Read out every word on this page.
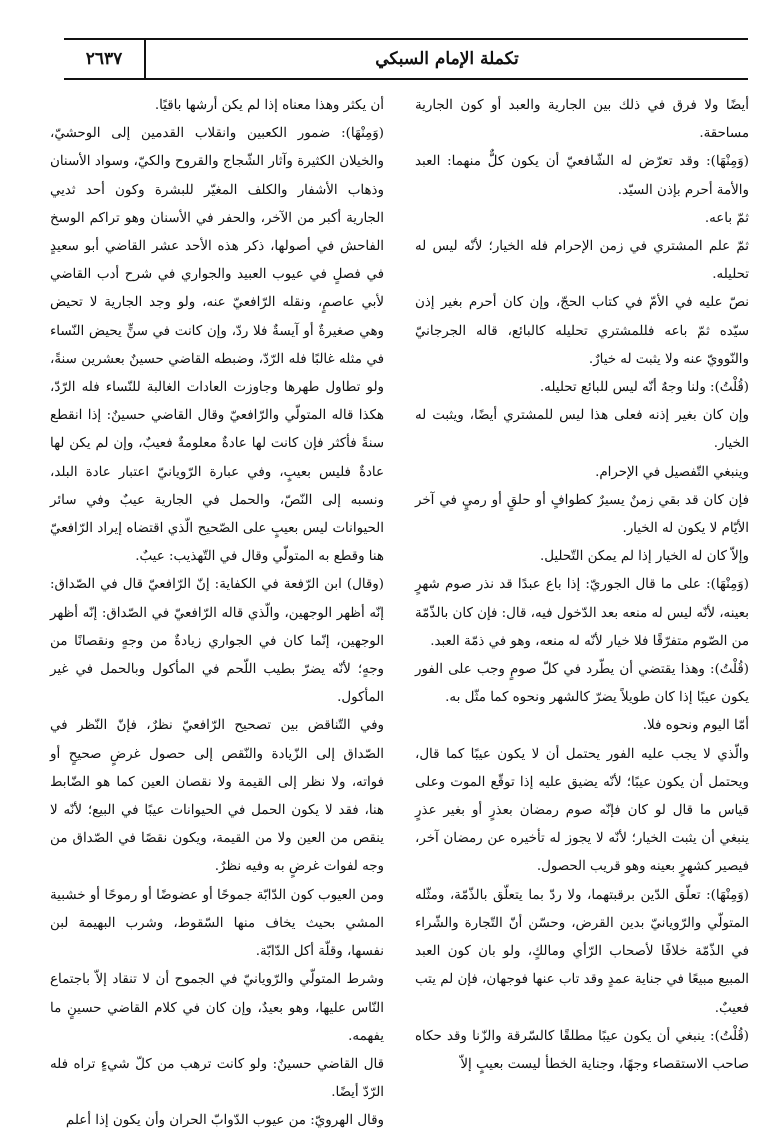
تكملة الإمام السبكي
٢٦٣٧

أيضًا ولا فرق في ذلك بين الجارية والعبد أو كون الجارية مساحقة.

(وَمِنْهَا): وقد تعرّض له الشّافعيّ أن يكون كلٌّ منهما: العبد والأمة أحرم بإذن السيّد.

ثمّ باعه.

ثمّ علم المشتري في زمن الإحرام فله الخيار؛ لأنّه ليس له تحليله.

نصّ عليه في الأمّ في كتاب الحجّ، وإن كان أحرم بغير إذن سيّده ثمّ باعه فللمشتري تحليله كالبائع، قاله الجرجانيّ والنّوويّ عنه ولا يثبت له خيارٌ.

(قُلْتُ): ولنا وجهٌ أنّه ليس للبائع تحليله.

وإن كان بغير إذنه فعلى هذا ليس للمشتري أيضًا، ويثبت له الخيار.

وينبغي التّفصيل في الإحرام.

فإن كان قد بقي زمنٌ يسيرٌ كطوافٍ أو حلقٍ أو رميٍ في آخر الأيّام لا يكون له الخيار.

وإلاّ كان له الخيار إذا لم يمكن التّحليل.

(وَمِنْهَا): على ما قال الجوريّ: إذا باع عبدًا قد نذر صوم شهرٍ بعينه، لأنّه ليس له منعه بعد الدّخول فيه، قال: فإن كان بالذّمّة من الصّوم متفرّقًا فلا خيار لأنّه له منعه، وهو في ذمّة العبد.

(قُلْتُ): وهذا يقتضي أن يطّرد في كلّ صومٍ وجب على الفور يكون عيبًا إذا كان طويلاً يضرّ كالشهر ونحوه كما مثّل به.

أمّا اليوم ونحوه فلا.

والّذي لا يجب عليه الفور يحتمل أن لا يكون عيبًا كما قال، ويحتمل أن يكون عيبًا؛ لأنّه يضيق عليه إذا توقّع الموت وعلى قياس ما قال لو كان فإنّه صوم رمضان بعذرٍ أو بغير عذرٍ ينبغي أن يثبت الخيار؛ لأنّه لا يجوز له تأخيره عن رمضان آخر، فيصير كشهرٍ بعينه وهو قريب الحصول.

(وَمِنْهَا): تعلّق الدّين برقبتهما، ولا ردّ بما يتعلّق بالذّمّة، ومثّله المتولّي والرّويانيّ بدين القرض، وحسّن أنّ التّجارة والشّراء في الذّمّة خلافًا لأصحاب الرّأي ومالكٍ، ولو بان كون العبد المبيع مبيعًا في جناية عمدٍ وقد تاب عنها فوجهان، فإن لم يتب فعيبٌ.

(قُلْتُ): ينبغي أن يكون عيبًا مطلقًا كالسّرقة والزّنا وقد حكاه صاحب الاستقصاء وجهًا، وجناية الخطأ ليست بعيبٍ إلاّ

أن يكثر وهذا معناه إذا لم يكن أرشها باقيًا.

(وَمِنْهَا): ضمور الكعبين وانقلاب القدمين إلى الوحشيّ، والخيلان الكثيرة وآثار الشّجاج والقروح والكيّ، وسواد الأسنان وذهاب الأشفار والكلف المغيّر للبشرة وكون أحد ثديي الجارية أكبر من الآخر، والحفر في الأسنان وهو تراكم الوسخ الفاحش في أصولها، ذكر هذه الأحد عشر القاضي أبو سعيدٍ في فصلٍ في عيوب العبيد والجواري في شرح أدب القاضي لأبي عاصمٍ، ونقله الرّافعيّ عنه، ولو وجد الجارية لا تحيض وهي صغيرةٌ أو آيسةٌ فلا ردّ، وإن كانت في سنٍّ يحيض النّساء في مثله غالبًا فله الرّدّ، وضبطه القاضي حسينٌ بعشرين سنةً، ولو تطاول طهرها وجاوزت العادات الغالبة للنّساء فله الرّدّ، هكذا قاله المتولّي والرّافعيّ وقال القاضي حسينٌ: إذا انقطع سنةً فأكثر فإن كانت لها عادةٌ معلومةٌ فعيبٌ، وإن لم يكن لها عادةٌ فليس بعيبٍ، وفي عبارة الرّويانيّ اعتبار عادة البلد، ونسبه إلى النّصّ، والحمل في الجارية عيبٌ وفي سائر الحيوانات ليس بعيبٍ على الصّحيح الّذي اقتضاه إيراد الرّافعيّ هنا وقطع به المتولّي وقال في التّهذيب: عيبٌ.

(وقال) ابن الرّفعة في الكفاية: إنّ الرّافعيّ قال في الصّداق: إنّه أظهر الوجهين، والّذي قاله الرّافعيّ في الصّداق: إنّه أظهر الوجهين، إنّما كان في الجواري زيادةٌ من وجهٍ ونقصانًا من وجهٍ؛ لأنّه يضرّ بطيب اللّحم في المأكول وبالحمل في غير المأكول.

وفي التّناقض بين تصحيح الرّافعيّ نظرٌ، فإنّ النّظر في الصّداق إلى الزّيادة والنّقص إلى حصول غرضٍ صحيحٍ أو فواته، ولا نظر إلى القيمة ولا نقصان العين كما هو الضّابط هنا، فقد لا يكون الحمل في الحيوانات عيبًا في البيع؛ لأنّه لا ينقص من العين ولا من القيمة، ويكون نقصًا في الصّداق من وجه لفوات غرضٍ به وفيه نظرٌ.

ومن العيوب كون الدّابّة جموحًا أو عضوضًا أو رموحًا أو خشبية المشي بحيث يخاف منها السّقوط، وشرب البهيمة لبن نفسها، وقلّة أكل الدّابّة.

وشرط المتولّي والرّويانيّ في الجموح أن لا تنقاد إلاّ باجتماع النّاس عليها، وهو بعيدٌ، وإن كان في كلام القاضي حسينٍ ما يفهمه.

قال القاضي حسينٌ: ولو كانت ترهب من كلّ شيءٍ تراه فله الرّدّ أيضًا.

وقال الهرويّ: من عيوب الدّوابّ الحران وأن يكون إذا أعلم
